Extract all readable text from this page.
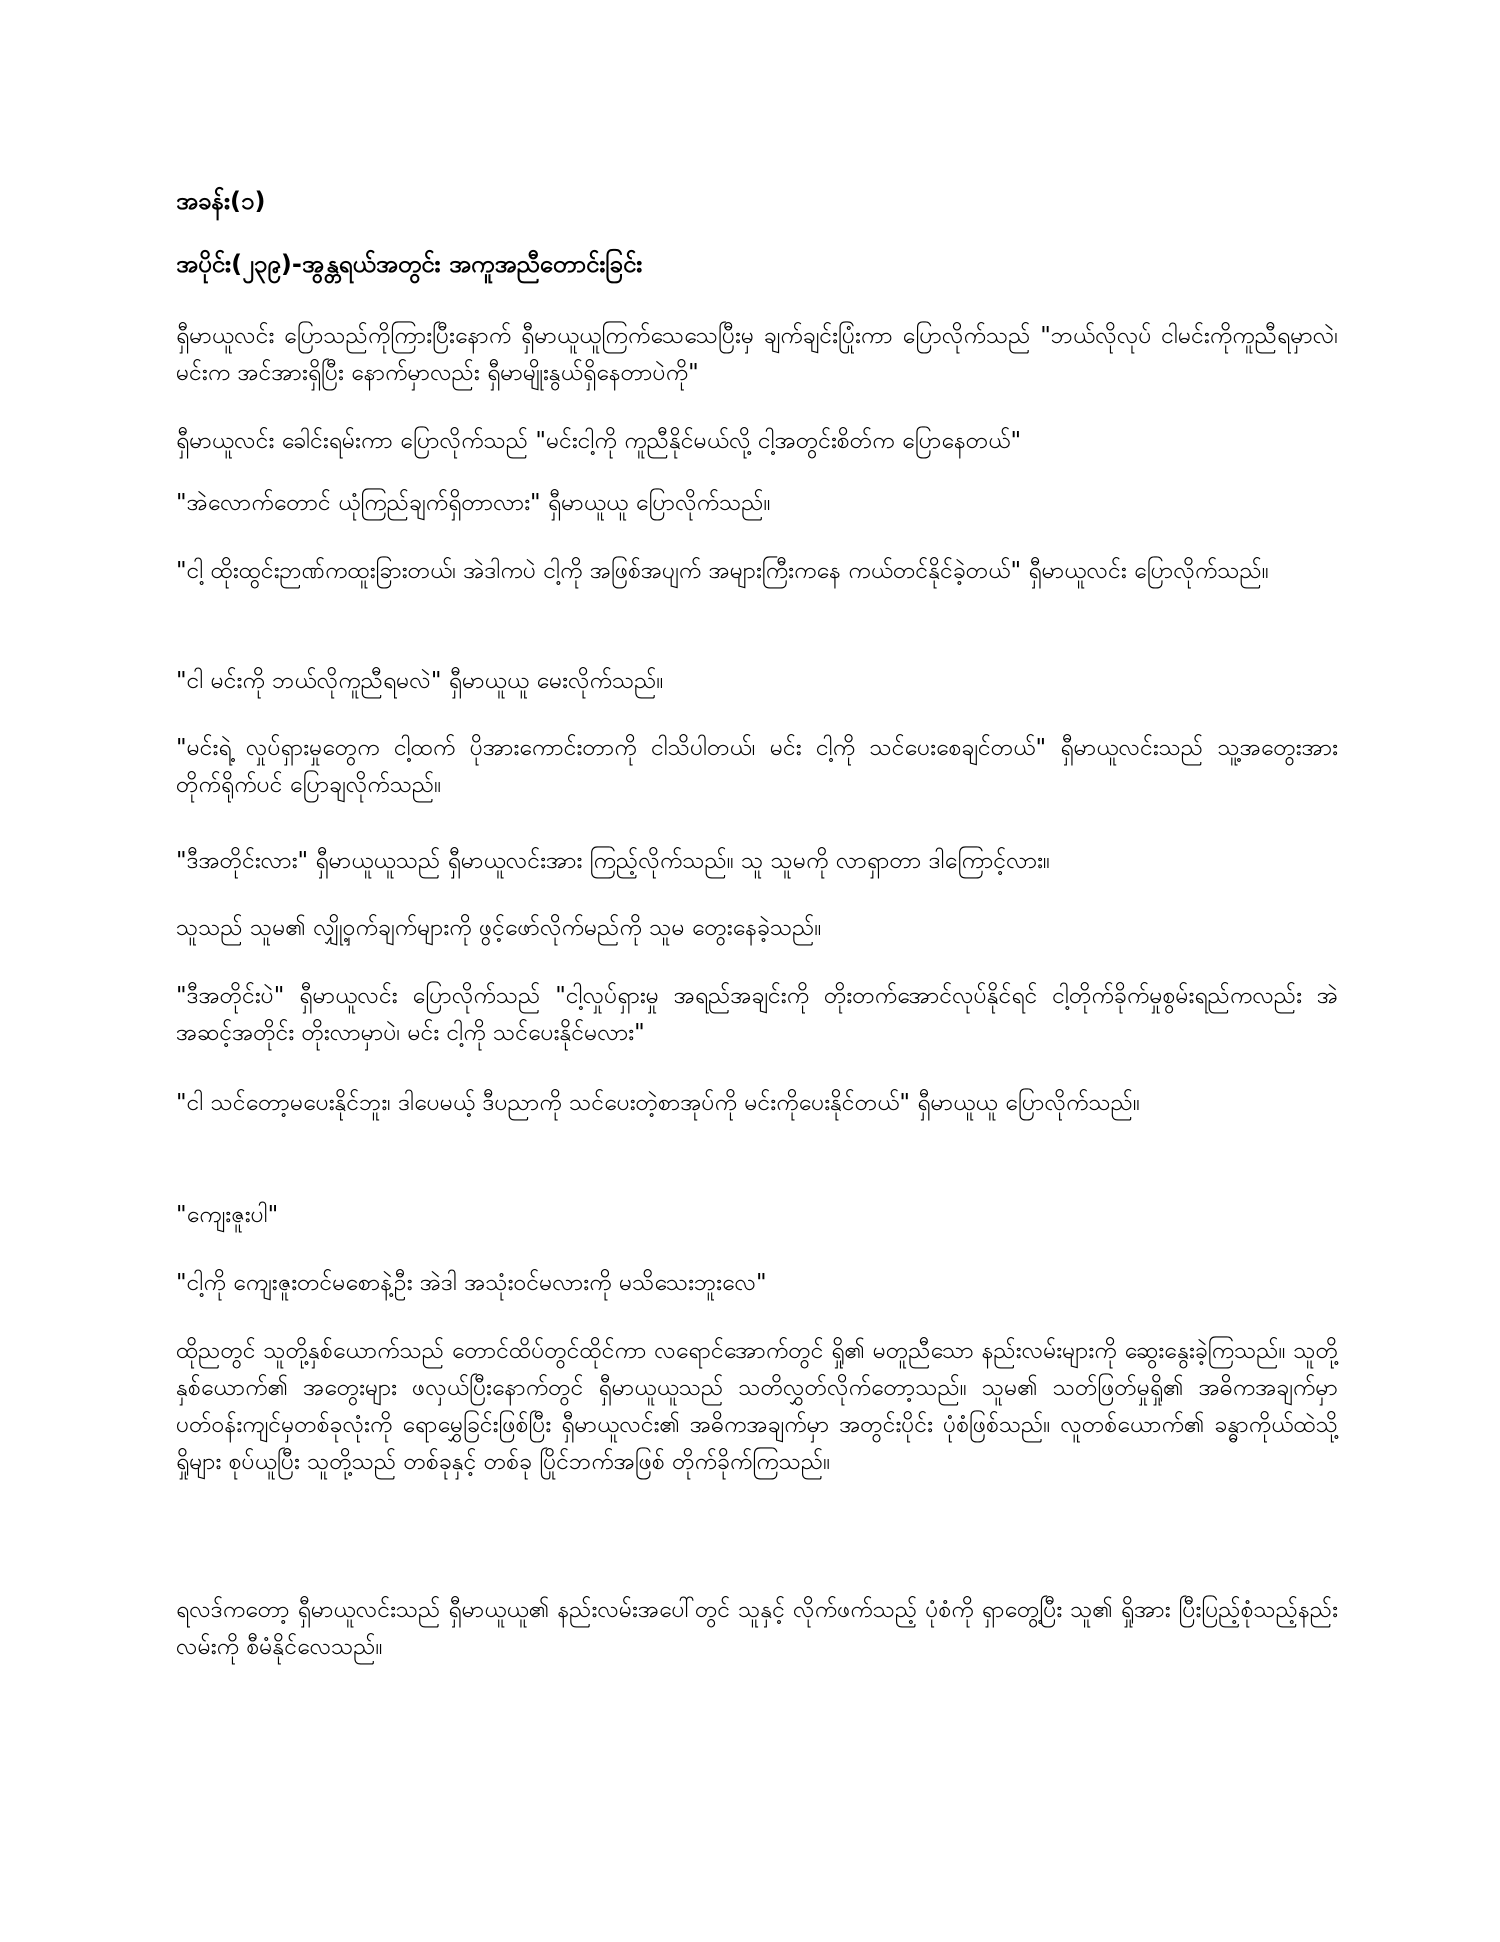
အခန်း(၁)
အပိုင်း(၂၃၉)-အွန္တရယ်အတွင်း အကူအညီတောင်းခြင်း

ရှီမာယူလင်း ပြောသည်ကိုကြားပြီးနောက် ရှီမာယူယူကြက်သေသေပြီးမှ ချက်ချင်းပြုံးကာ ပြောလိုက်သည် "ဘယ်လိုလုပ် ငါမင်းကိုကူညီရမှာလဲ၊ မင်းက အင်အားရှိပြီး နောက်မှာလည်း ရှီမာမျိုးနွယ်ရှိနေတာပဲကို"

ရှီမာယူလင်း ခေါင်းရမ်းကာ ပြောလိုက်သည် "မင်းငါ့ကို ကူညီနိုင်မယ်လို့ ငါ့အတွင်းစိတ်က ပြောနေတယ်"

"အဲလောက်တောင် ယုံကြည်ချက်ရှိတာလား" ရှီမာယူယူ ပြောလိုက်သည်။

"ငါ့ ထိုးထွင်းဉာဏ်ကထူးခြားတယ်၊ အဲဒါကပဲ ငါ့ကို အဖြစ်အပျက် အများကြီးကနေ ကယ်တင်နိုင်ခဲ့တယ်" ရှီမာယူလင်း ပြောလိုက်သည်။

"ငါ မင်းကို ဘယ်လိုကူညီရမလဲ" ရှီမာယူယူ မေးလိုက်သည်။

"မင်းရဲ့ လှုပ်ရှားမှုတွေက ငါ့ထက် ပိုအားကောင်းတာကို ငါသိပါတယ်၊ မင်း ငါ့ကို သင်ပေးစေချင်တယ်" ရှီမာယူလင်းသည် သူ့အတွေးအား တိုက်ရိုက်ပင် ပြောချလိုက်သည်။

"ဒီအတိုင်းလား" ရှီမာယူယူသည် ရှီမာယူလင်းအား ကြည့်လိုက်သည်။ သူ သူမကို လာရှာတာ ဒါကြောင့်လား။

သူသည် သူမ၏ လျှို့ဝှက်ချက်များကို ဖွင့်ဖော်လိုက်မည်ကို သူမ တွေးနေခဲ့သည်။

"ဒီအတိုင်းပဲ" ရှီမာယူလင်း ပြောလိုက်သည် "ငါ့လှုပ်ရှားမှု အရည်အချင်းကို တိုးတက်အောင်လုပ်နိုင်ရင် ငါ့တိုက်ခိုက်မှုစွမ်းရည်ကလည်း အဲအဆင့်အတိုင်း တိုးလာမှာပဲ၊ မင်း ငါ့ကို သင်ပေးနိုင်မလား"

"ငါ သင်တော့မပေးနိုင်ဘူး၊ ဒါပေမယ့် ဒီပညာကို သင်ပေးတဲ့စာအုပ်ကို မင်းကိုပေးနိုင်တယ်" ရှီမာယူယူ ပြောလိုက်သည်။

"ကျေးဇူးပါ"

"ငါ့ကို ကျေးဇူးတင်မစောနဲ့ဦး အဲဒါ အသုံးဝင်မလားကို မသိသေးဘူးလေ"

ထိုညတွင် သူတို့နှစ်ယောက်သည် တောင်ထိပ်တွင်ထိုင်ကာ လရောင်အောက်တွင် ရှို၏ မတူညီသော နည်းလမ်းများကို ဆွေးနွေးခဲ့ကြသည်။ သူတို့နှစ်ယောက်၏ အတွေးများ ဖလှယ်ပြီးနောက်တွင် ရှီမာယူယူသည် သတိလွှတ်လိုက်တော့သည်။ သူမ၏ သတ်ဖြတ်မှုရှို၏ အဓိကအချက်မှာ ပတ်ဝန်းကျင်မှတစ်ခုလုံးကို ရောမွှေခြင်းဖြစ်ပြီး ရှီမာယူလင်း၏ အဓိကအချက်မှာ အတွင်းပိုင်း ပုံစံဖြစ်သည်။ လူတစ်ယောက်၏ ခန္ဓာကိုယ်ထဲသို့ ရှိုများ စုပ်ယူပြီး သူတို့သည် တစ်ခုနှင့် တစ်ခု ပြိုင်ဘက်အဖြစ် တိုက်ခိုက်ကြသည်။

ရလဒ်ကတော့ ရှီမာယူလင်းသည် ရှီမာယူယူ၏ နည်းလမ်းအပေါ်တွင် သူနှင့် လိုက်ဖက်သည့် ပုံစံကို ရှာတွေ့ပြီး သူ၏ ရှိုအား ပြီးပြည့်စုံသည့်နည်းလမ်းကို စီမံနိုင်လေသည်။
